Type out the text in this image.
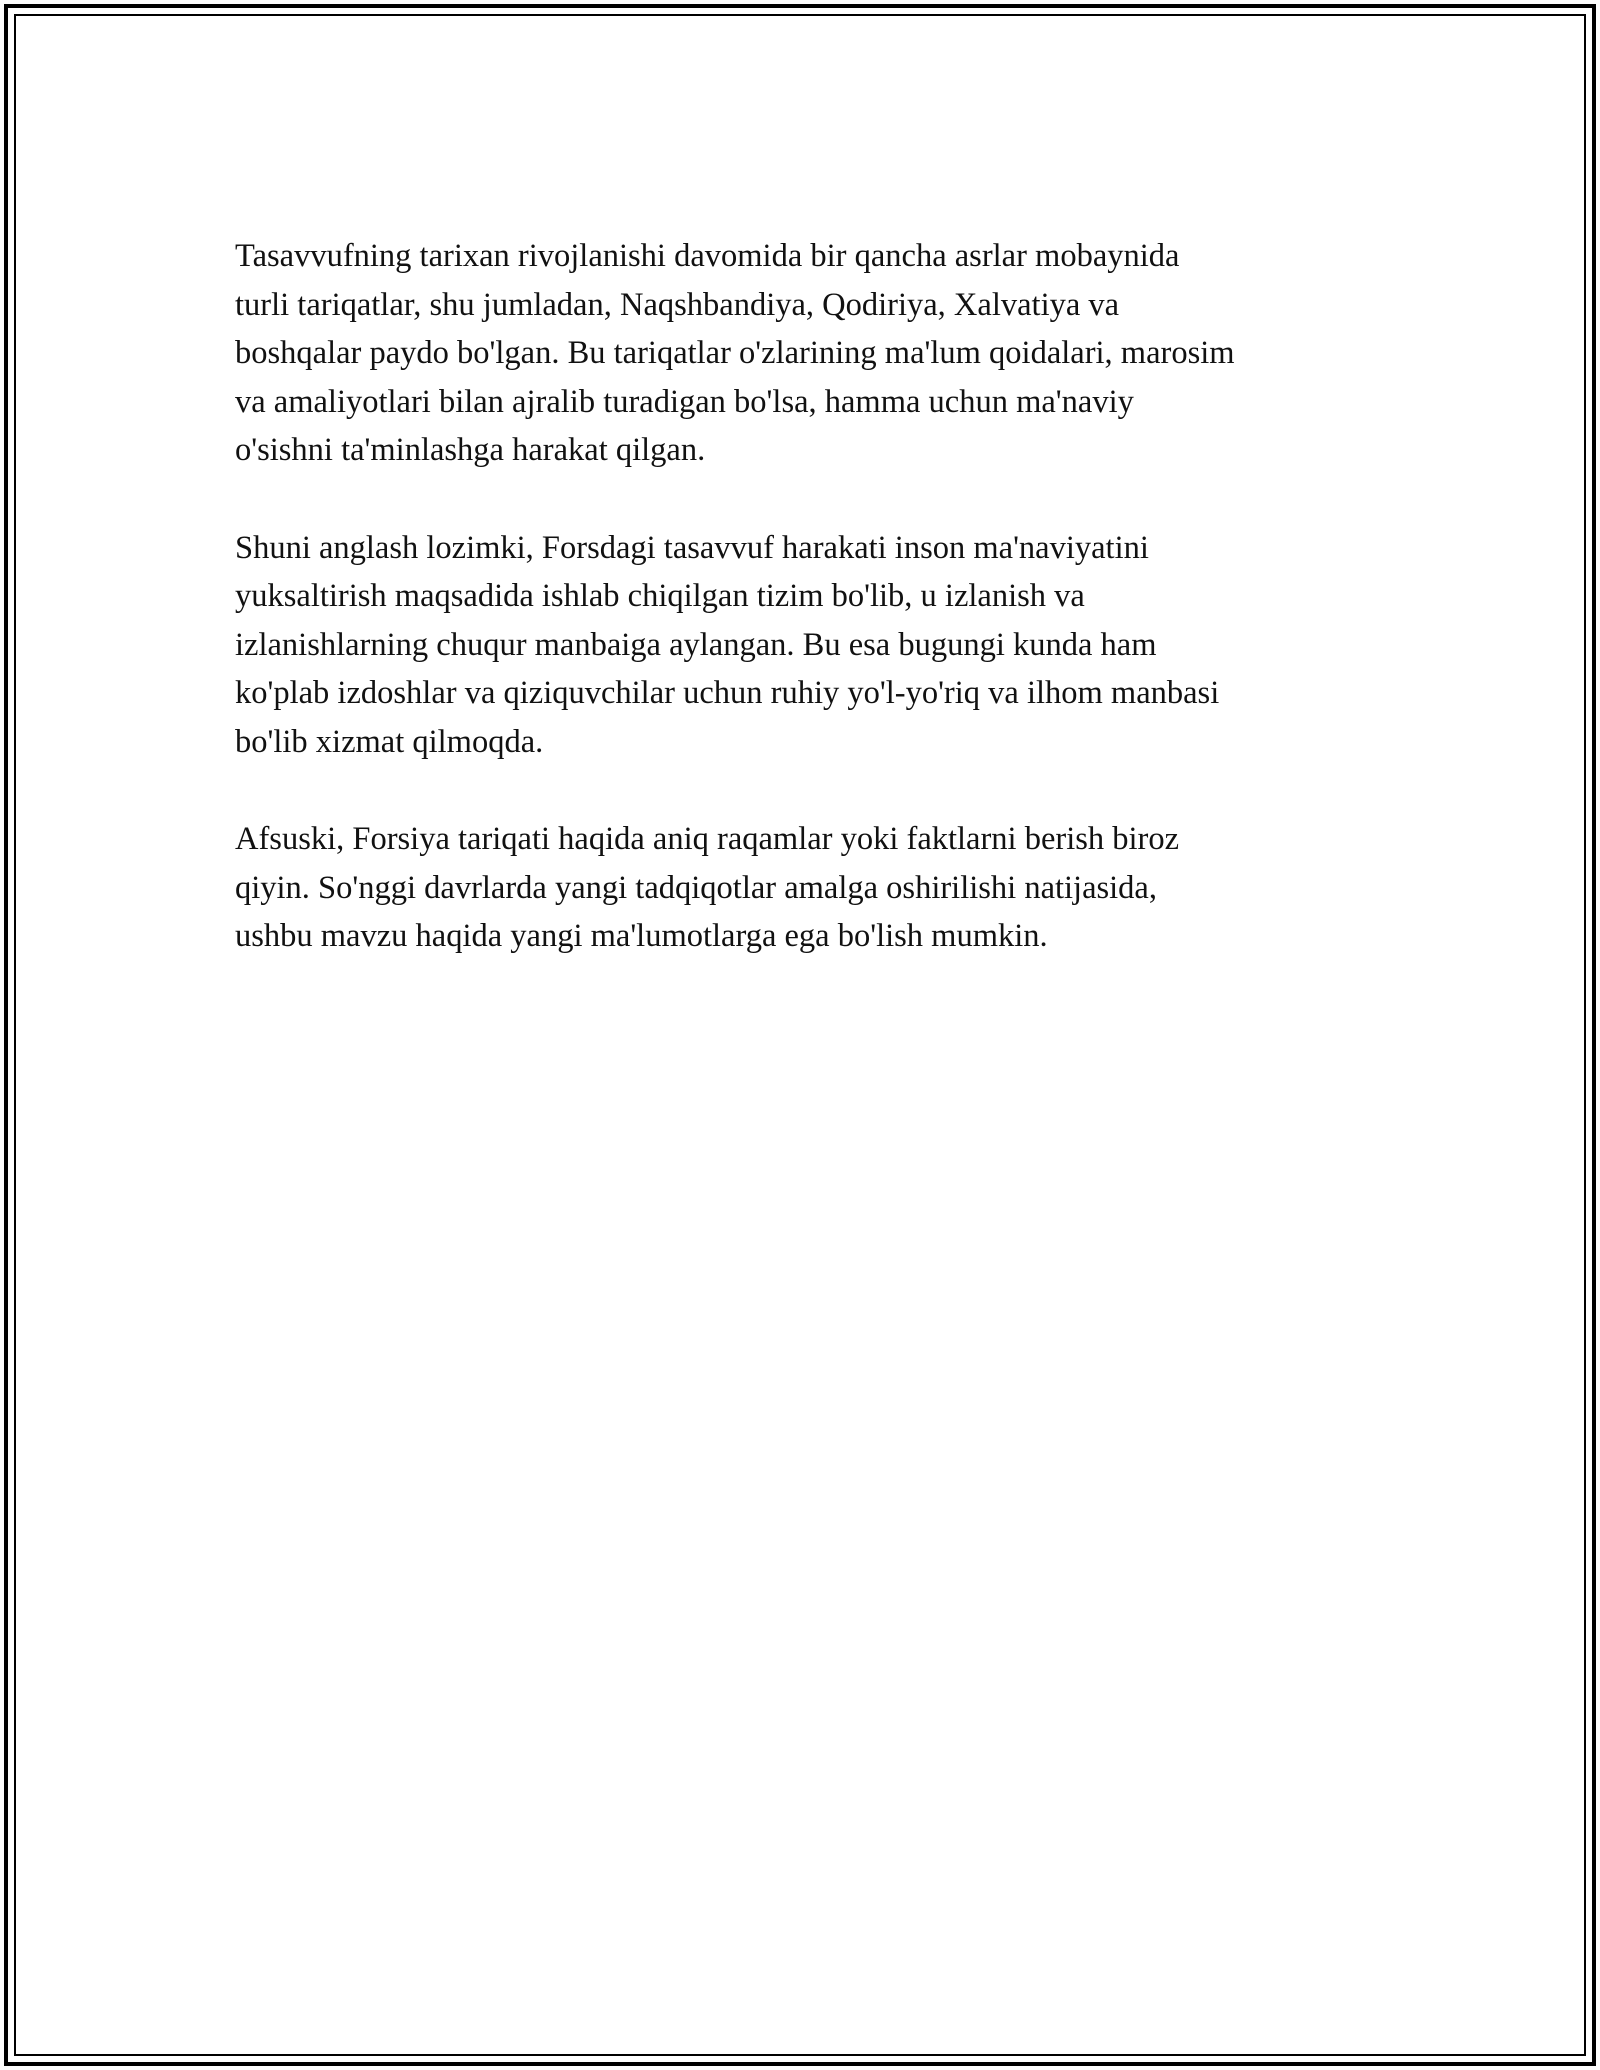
Tasavvufning tarixan rivojlanishi davomida bir qancha asrlar mobaynida
turli tariqatlar, shu jumladan, Naqshbandiya, Qodiriya, Xalvatiya va
boshqalar paydo bo'lgan. Bu tariqatlar o'zlarining ma'lum qoidalari, marosim
va amaliyotlari bilan ajralib turadigan bo'lsa, hamma uchun ma'naviy
o'sishni ta'minlashga harakat qilgan.

Shuni anglash lozimki, Forsdagi tasavvuf harakati inson ma'naviyatini
yuksaltirish maqsadida ishlab chiqilgan tizim bo'lib, u izlanish va
izlanishlarning chuqur manbaiga aylangan. Bu esa bugungi kunda ham
ko'plab izdoshlar va qiziquvchilar uchun ruhiy yo'l-yo'riq va ilhom manbasi
bo'lib xizmat qilmoqda.

Afsuski, Forsiya tariqati haqida aniq raqamlar yoki faktlarni berish biroz
qiyin. So'nggi davrlarda yangi tadqiqotlar amalga oshirilishi natijasida,
ushbu mavzu haqida yangi ma'lumotlarga ega bo'lish mumkin.
